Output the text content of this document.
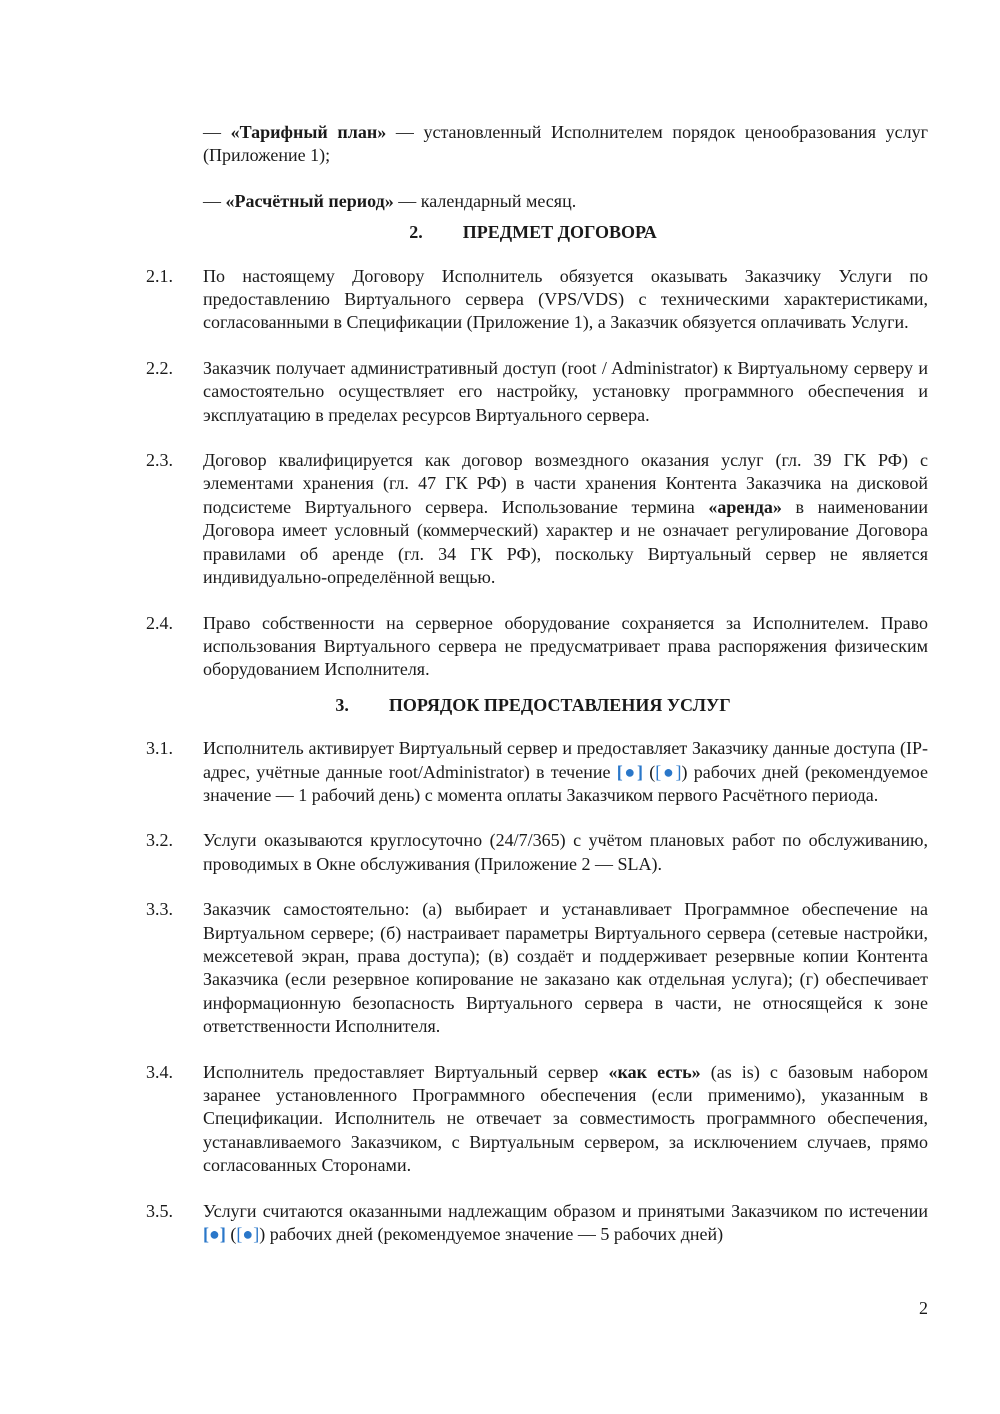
— «Тарифный план» — установленный Исполнителем порядок ценообразования услуг (Приложение 1);

— «Расчётный период» — календарный месяц.

2. ПРЕДМЕТ ДОГОВОРА
2.1.	По настоящему Договору Исполнитель обязуется оказывать Заказчику Услуги по предоставлению Виртуального сервера (VPS/VDS) с техническими характеристиками, согласованными в Спецификации (Приложение 1), а Заказчик обязуется оплачивать Услуги.
2.2.	Заказчик получает административный доступ (root / Administrator) к Виртуальному серверу и самостоятельно осуществляет его настройку, установку программного обеспечения и эксплуатацию в пределах ресурсов Виртуального сервера.
2.3.	Договор квалифицируется как договор возмездного оказания услуг (гл. 39 ГК РФ) с элементами хранения (гл. 47 ГК РФ) в части хранения Контента Заказчика на дисковой подсистеме Виртуального сервера. Использование термина «аренда» в наименовании Договора имеет условный (коммерческий) характер и не означает регулирование Договора правилами об аренде (гл. 34 ГК РФ), поскольку Виртуальный сервер не является индивидуально-определённой вещью.
2.4.	Право собственности на серверное оборудование сохраняется за Исполнителем. Право использования Виртуального сервера не предусматривает права распоряжения физическим оборудованием Исполнителя.
3. ПОРЯДОК ПРЕДОСТАВЛЕНИЯ УСЛУГ
3.1.	Исполнитель активирует Виртуальный сервер и предоставляет Заказчику данные доступа (IP-адрес, учётные данные root/Administrator) в течение [●] ([●]) рабочих дней (рекомендуемое значение — 1 рабочий день) с момента оплаты Заказчиком первого Расчётного периода.
3.2.	Услуги оказываются круглосуточно (24/7/365) с учётом плановых работ по обслуживанию, проводимых в Окне обслуживания (Приложение 2 — SLA).
3.3.	Заказчик самостоятельно: (а) выбирает и устанавливает Программное обеспечение на Виртуальном сервере; (б) настраивает параметры Виртуального сервера (сетевые настройки, межсетевой экран, права доступа); (в) создаёт и поддерживает резервные копии Контента Заказчика (если резервное копирование не заказано как отдельная услуга); (г) обеспечивает информационную безопасность Виртуального сервера в части, не относящейся к зоне ответственности Исполнителя.
3.4.	Исполнитель предоставляет Виртуальный сервер «как есть» (as is) с базовым набором заранее установленного Программного обеспечения (если применимо), указанным в Спецификации. Исполнитель не отвечает за совместимость программного обеспечения, устанавливаемого Заказчиком, с Виртуальным сервером, за исключением случаев, прямо согласованных Сторонами.
3.5.	Услуги считаются оказанными надлежащим образом и принятыми Заказчиком по истечении [●] ([●]) рабочих дней (рекомендуемое значение — 5 рабочих дней)
2
